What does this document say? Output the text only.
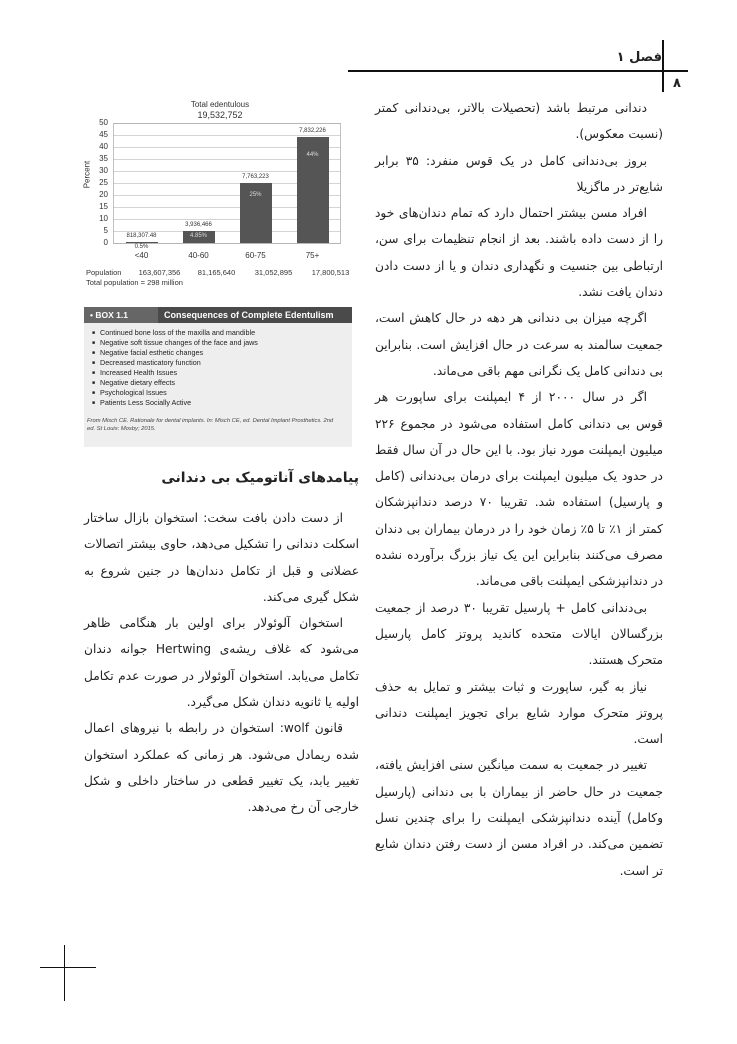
فصل ۱
۸
Total edentulous
19,532,752
Percent
50
45
40
35
30
25
20
15
10
5
0
818,307.48
0.5%
3,936,466
4.85%
7,763,223
25%
7,832,226
44%
<40	40-60	60-75	75+
Population	163,607,356	81,165,640	31,052,895	17,800,513
Total population = 298 million
• BOX 1.1	Consequences of Complete Edentulism
■ Continued bone loss of the maxilla and mandible
■ Negative soft tissue changes of the face and jaws
■ Negative facial esthetic changes
■ Decreased masticatory function
■ Increased Health Issues
■ Negative dietary effects
■ Psychological Issues
■ Patients Less Socially Active
From Misch CE. Rationale for dental implants. In: Misch CE, ed. Dental Implant Prosthetics. 2nd ed. St Louis: Mosby; 2015.
پیامدهای آناتومیک بی دندانی

دندانی مرتبط باشد (تحصیلات بالاتر، بی‌دندانی کمتر (نسبت معکوس).

بروز بی‌دندانی کامل در یک قوس منفرد: ۳۵ برابر شایع‌تر در ماگزیلا

افراد مسن بیشتر احتمال دارد که تمام دندان‌های خود را از دست داده باشند. بعد از انجام تنظیمات برای سن، ارتباطی بین جنسیت و نگهداری دندان و یا از دست دادن دندان یافت نشد.

اگرچه میزان بی دندانی هر دهه در حال کاهش است، جمعیت سالمند به سرعت در حال افزایش است. بنابراین بی دندانی کامل یک نگرانی مهم باقی می‌ماند.

اگر در سال ۲۰۰۰ از ۴ ایمپلنت برای ساپورت هر قوس بی دندانی کامل استفاده می‌شود در مجموع ۲۲۶ میلیون ایمپلنت مورد نیاز بود. با این حال در آن سال فقط در حدود یک میلیون ایمپلنت برای درمان بی‌دندانی (کامل و پارسیل) استفاده شد. تقریبا ۷۰ درصد دندانپزشکان کمتر از ۱٪ تا ۵٪ زمان خود را در درمان بیماران بی دندان مصرف می‌کنند بنابراین این یک نیاز بزرگ برآورده نشده در دندانپزشکی ایمپلنت باقی می‌ماند.

بی‌دندانی کامل + پارسیل تقریبا ۳۰ درصد از جمعیت بزرگسالان ایالات متحده کاندید پروتز کامل پارسیل متحرک هستند.

نیاز به گیر، ساپورت و ثبات بیشتر و تمایل به حذف پروتز متحرک موارد شایع برای تجویز ایمپلنت دندانی است.

تغییر در جمعیت به سمت میانگین سنی افزایش یافته، جمعیت در حال حاضر از بیماران با بی دندانی (پارسیل وکامل) آینده دندانپزشکی ایمپلنت را برای چندین نسل تضمین می‌کند. در افراد مسن از دست رفتن دندان شایع تر است.

از دست دادن بافت سخت: استخوان بازال ساختار اسکلت دندانی را تشکیل می‌دهد، حاوی بیشتر اتصالات عضلانی و قبل از تکامل دندان‌ها در جنین شروع به شکل گیری می‌کند.

استخوان آلوئولار برای اولین بار هنگامی ظاهر می‌شود که غلاف ریشه‌ی Hertwing جوانه دندان تکامل می‌یابد. استخوان آلوئولار در صورت عدم تکامل اولیه یا ثانویه دندان شکل می‌گیرد.

قانون wolf: استخوان در رابطه با نیروهای اعمال شده ریمادل می‌شود. هر زمانی که عملکرد استخوان تغییر یابد، یک تغییر قطعی در ساختار داخلی و شکل خارجی آن رخ می‌دهد.
